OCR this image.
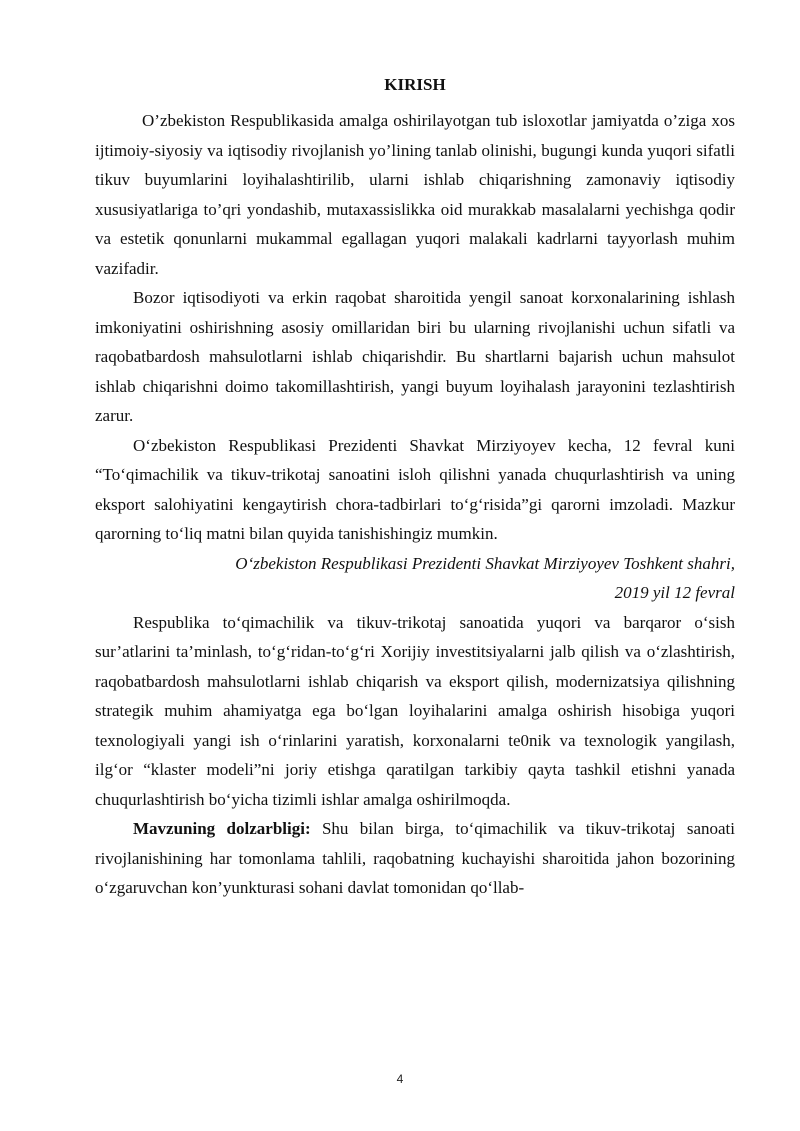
KIRISH

O’zbekiston Respublikasida amalga oshirilayotgan tub isloxotlar jamiyatda o’ziga xos ijtimoiy-siyosiy va iqtisodiy rivojlanish yo’lining tanlab olinishi, bugungi kunda yuqori sifatli tikuv buyumlarini loyihalashtirilib, ularni ishlab chiqarishning zamonaviy iqtisodiy xususiyatlariga to’qri yondashib, mutaxassislikka oid murakkab masalalarni yechishga qodir va estetik qonunlarni mukammal egallagan yuqori malakali kadrlarni tayyorlash muhim vazifadir.

Bozor iqtisodiyoti va erkin raqobat sharoitida yengil sanoat korxonalarining ishlash imkoniyatini oshirishning asosiy omillaridan biri bu ularning rivojlanishi uchun sifatli va raqobatbardosh mahsulotlarni ishlab chiqarishdir. Bu shartlarni bajarish uchun mahsulot ishlab chiqarishni doimo takomillashtirish, yangi buyum loyihalash jarayonini tezlashtirish zarur.

O‘zbekiston Respublikasi Prezidenti Shavkat Mirziyoyev kecha, 12 fevral kuni “To‘qimachilik va tikuv-trikotaj sanoatini isloh qilishni yanada chuqurlashtirish va uning eksport salohiyatini kengaytirish chora-tadbirlari to‘g‘risida”gi qarorni imzoladi. Mazkur qarorning to‘liq matni bilan quyida tanishishingiz mumkin.

O‘zbekiston Respublikasi Prezidenti Shavkat Mirziyoyev Toshkent shahri,
2019 yil 12 fevral

Respublika to‘qimachilik va tikuv-trikotaj sanoatida yuqori va barqaror o‘sish sur’atlarini ta’minlash, to‘g‘ridan-to‘g‘ri Xorijiy investitsiyalarni jalb qilish va o‘zlashtirish, raqobatbardosh mahsulotlarni ishlab chiqarish va eksport qilish, modernizatsiya qilishning strategik muhim ahamiyatga ega bo‘lgan loyihalarini amalga oshirish hisobiga yuqori texnologiyali yangi ish o‘rinlarini yaratish, korxonalarni te0nik va texnologik yangilash, ilg‘or “klaster modeli”ni joriy etishga qaratilgan tarkibiy qayta tashkil etishni yanada chuqurlashtirish bo‘yicha tizimli ishlar amalga oshirilmoqda.

Mavzuning dolzarbligi: Shu bilan birga, to‘qimachilik va tikuv-trikotaj sanoati rivojlanishining har tomonlama tahlili, raqobatning kuchayishi sharoitida jahon bozorining o‘zgaruvchan kon’yunkturasi sohani davlat tomonidan qo‘llab-

4
